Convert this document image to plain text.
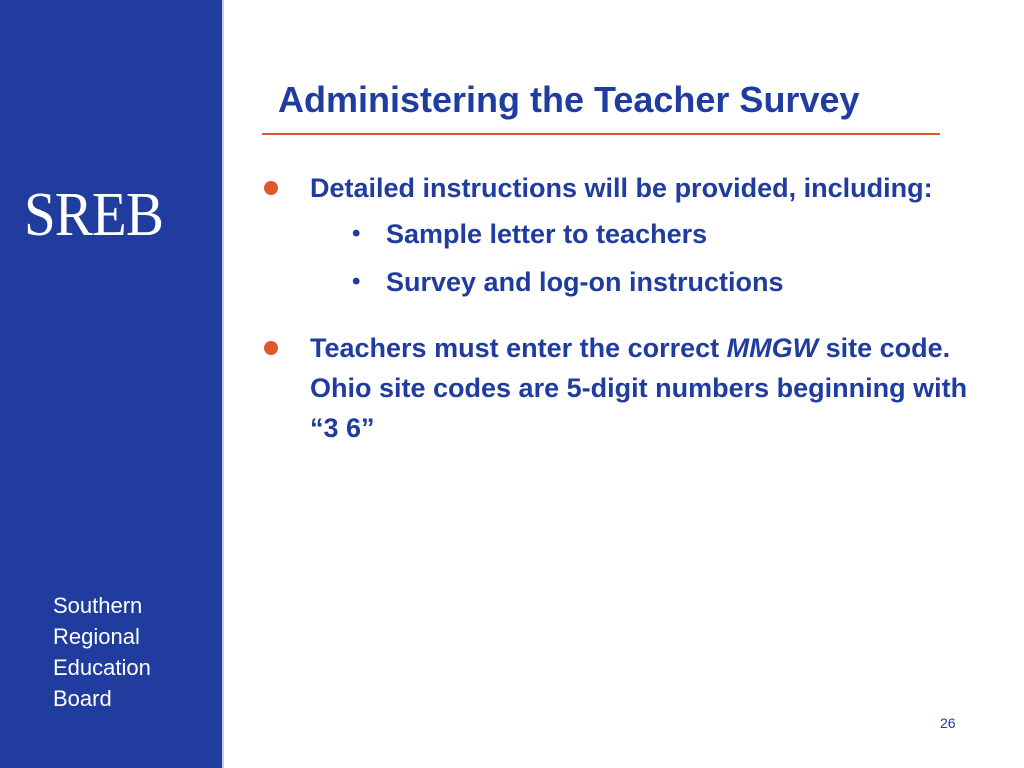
SREB
Southern
Regional
Education
Board
Administering the Teacher Survey
Detailed instructions will be provided, including:
• Sample letter to teachers
• Survey and log-on instructions
Teachers must enter the correct MMGW site code. Ohio site codes are 5-digit numbers beginning with “3 6”
26
